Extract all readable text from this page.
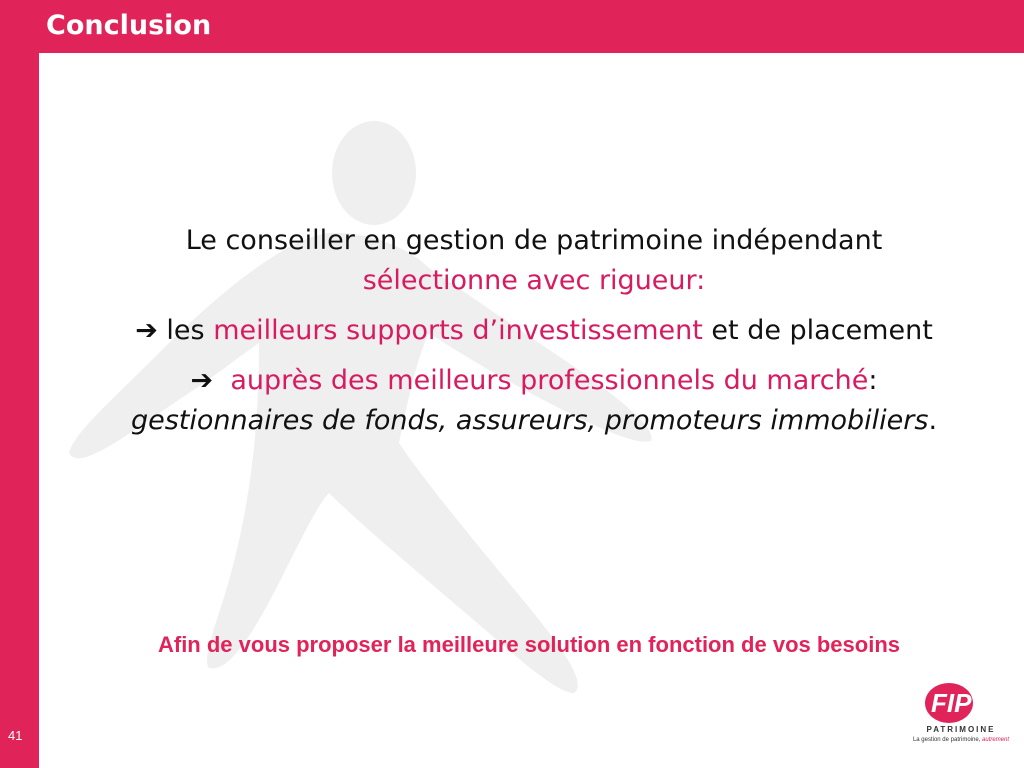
Conclusion

Le conseiller en gestion de patrimoine indépendant
sélectionne avec rigueur:

➔ les meilleurs supports d’investissement et de placement

➔ auprès des meilleurs professionnels du marché: gestionnaires de fonds, assureurs, promoteurs immobiliers.

Afin de vous proposer la meilleure solution en fonction de vos besoins
41
FIP
PATRIMOINE
La gestion de patrimoine, autrement
